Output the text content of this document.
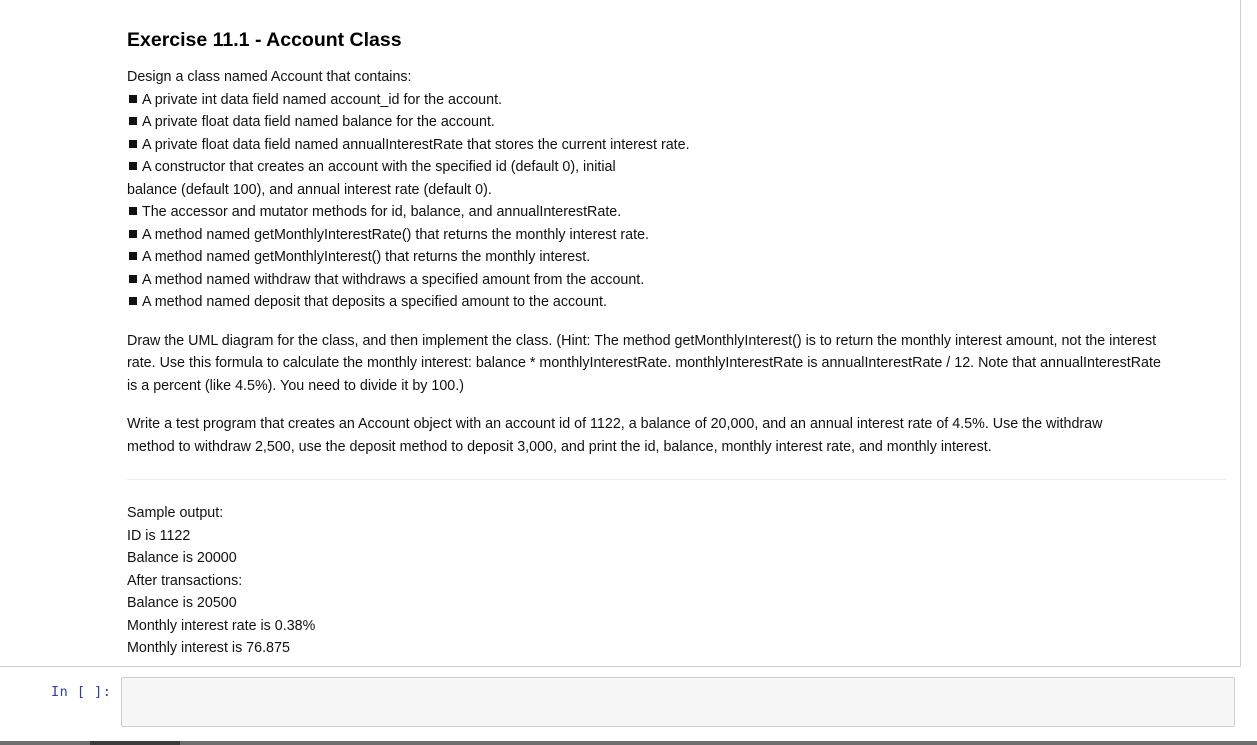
Exercise 11.1 - Account Class
Design a class named Account that contains:
A private int data field named account_id for the account.
A private float data field named balance for the account.
A private float data field named annualInterestRate that stores the current interest rate.
A constructor that creates an account with the specified id (default 0), initial
balance (default 100), and annual interest rate (default 0).
The accessor and mutator methods for id, balance, and annualInterestRate.
A method named getMonthlyInterestRate() that returns the monthly interest rate.
A method named getMonthlyInterest() that returns the monthly interest.
A method named withdraw that withdraws a specified amount from the account.
A method named deposit that deposits a specified amount to the account.
Draw the UML diagram for the class, and then implement the class. (Hint: The method getMonthlyInterest() is to return the monthly interest amount, not the interest
rate. Use this formula to calculate the monthly interest: balance * monthlyInterestRate. monthlyInterestRate is annualInterestRate / 12. Note that annualInterestRate
is a percent (like 4.5%). You need to divide it by 100.)
Write a test program that creates an Account object with an account id of 1122, a balance of 20,000, and an annual interest rate of 4.5%. Use the withdraw
method to withdraw 2,500, use the deposit method to deposit 3,000, and print the id, balance, monthly interest rate, and monthly interest.
Sample output:
ID is 1122
Balance is 20000
After transactions:
Balance is 20500
Monthly interest rate is 0.38%
Monthly interest is 76.875
In [ ]:
